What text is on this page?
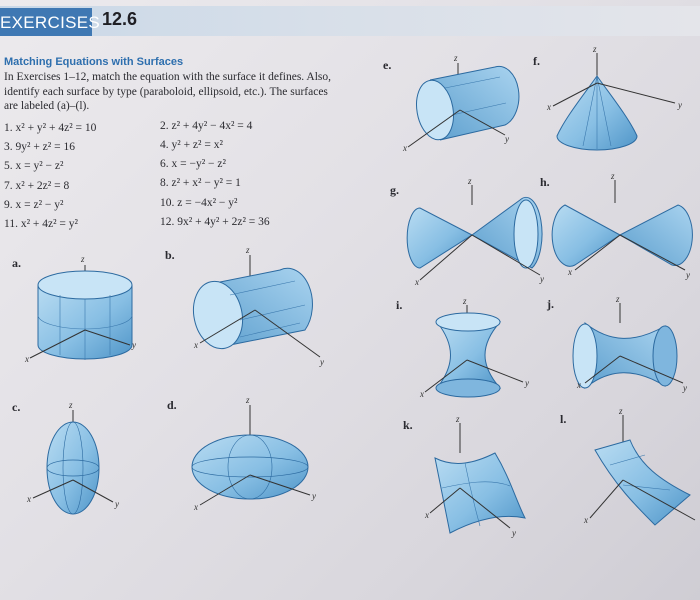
EXERCISES 12.6
Matching Equations with Surfaces
In Exercises 1–12, match the equation with the surface it defines. Also, identify each surface by type (paraboloid, ellipsoid, etc.). The surfaces are labeled (a)–(l).
1. x² + y² + 4z² = 10	2. z² + 4y² − 4x² = 4
3. 9y² + z² = 16	4. y² + z² = x²
5. x = y² − z²	6. x = −y² − z²
7. x² + 2z² = 8	8. z² + x² − y² = 1
9. x = z² − y²	10. z = −4x² − y²
11. x² + 4z² = y²	12. 9x² + 4y² + 2z² = 36
a.
b.
c.	d.
e.	f.
g.
h.
i.	j.
k.	l.
z
x
y
z
x
y
z
x	y
z
x
y
z
x
y
z
x	y
z
x	y
z
x	y
z
x
y
z
x	y
z
x
y
z
x
